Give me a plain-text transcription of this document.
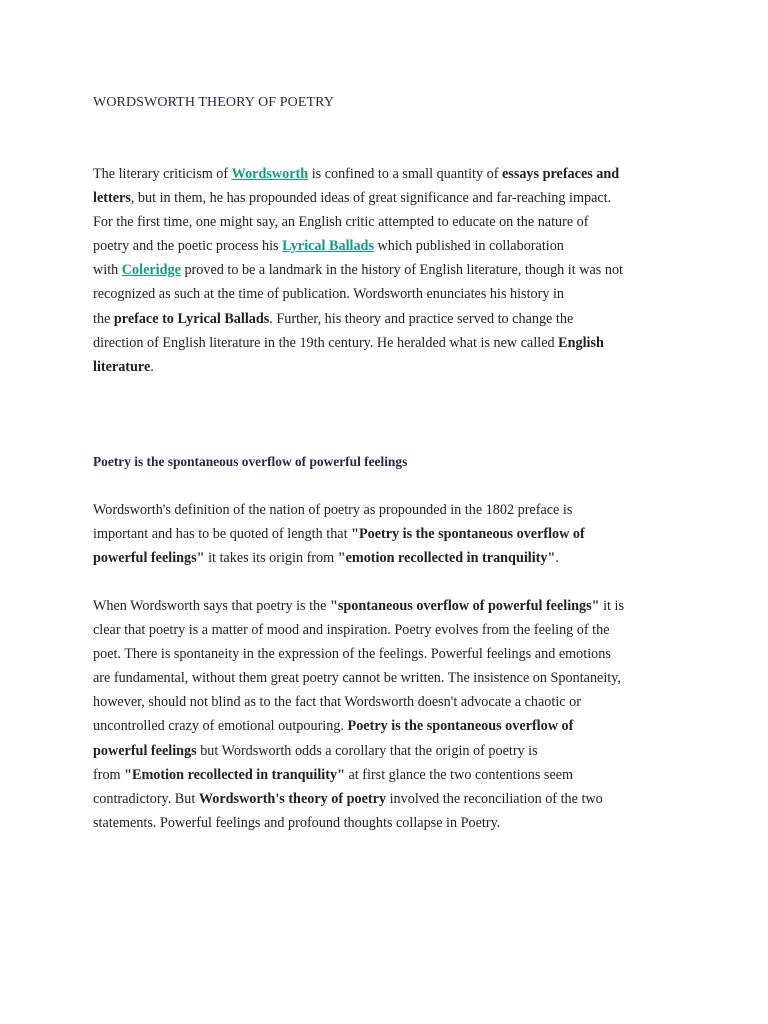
WORDSWORTH THEORY OF POETRY

The literary criticism of Wordsworth is confined to a small quantity of essays prefaces and
letters, but in them, he has propounded ideas of great significance and far-reaching impact.
For the first time, one might say, an English critic attempted to educate on the nature of
poetry and the poetic process his Lyrical Ballads which published in collaboration
with Coleridge proved to be a landmark in the history of English literature, though it was not
recognized as such at the time of publication. Wordsworth enunciates his history in
the preface to Lyrical Ballads. Further, his theory and practice served to change the
direction of English literature in the 19th century. He heralded what is new called English
literature.

Poetry is the spontaneous overflow of powerful feelings

Wordsworth's definition of the nation of poetry as propounded in the 1802 preface is
important and has to be quoted of length that "Poetry is the spontaneous overflow of
powerful feelings" it takes its origin from "emotion recollected in tranquility".

When Wordsworth says that poetry is the "spontaneous overflow of powerful feelings" it is
clear that poetry is a matter of mood and inspiration. Poetry evolves from the feeling of the
poet. There is spontaneity in the expression of the feelings. Powerful feelings and emotions
are fundamental, without them great poetry cannot be written. The insistence on Spontaneity,
however, should not blind as to the fact that Wordsworth doesn't advocate a chaotic or
uncontrolled crazy of emotional outpouring. Poetry is the spontaneous overflow of
powerful feelings but Wordsworth odds a corollary that the origin of poetry is
from "Emotion recollected in tranquility" at first glance the two contentions seem
contradictory. But Wordsworth's theory of poetry involved the reconciliation of the two
statements. Powerful feelings and profound thoughts collapse in Poetry.
